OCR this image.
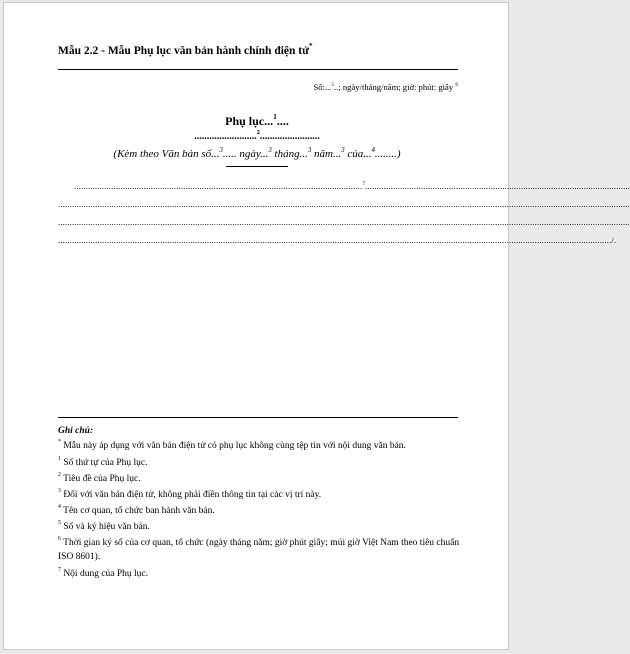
Mẫu 2.2 - Mẫu Phụ lục văn bản hành chính điện tử*
Số:...$^5$..; ngày/tháng/năm; giờ: phút: giây $^6$
Phụ lục...$^1$....
.........................$^2$........................
(Kèm theo Văn bản số...$^3$..... ngày...$^3$ tháng...$^3$ năm...$^3$ của...$^4$........)
............................................................................................................................$^7$..................................................................................................................
......................................................................................................................................................................................................................................................
......................................................................................................................................................................................................................................................
............................................................................................................................................................................................................................................../.
Ghi chú:
* Mẫu này áp dụng với văn bản điện tử có phụ lục không cùng tệp tin với nội dung văn bản.
$^1$ Số thứ tự của Phụ lục.
$^2$ Tiêu đề của Phụ lục.
$^3$ Đối với văn bản điện tử, không phải điền thông tin tại các vị trí này.
$^4$ Tên cơ quan, tổ chức ban hành văn bản.
$^5$ Số và ký hiệu văn bản.
$^6$ Thời gian ký số của cơ quan, tổ chức (ngày tháng năm; giờ phút giây; múi giờ Việt Nam theo tiêu chuẩn ISO 8601).
$^7$ Nội dung của Phụ lục.
